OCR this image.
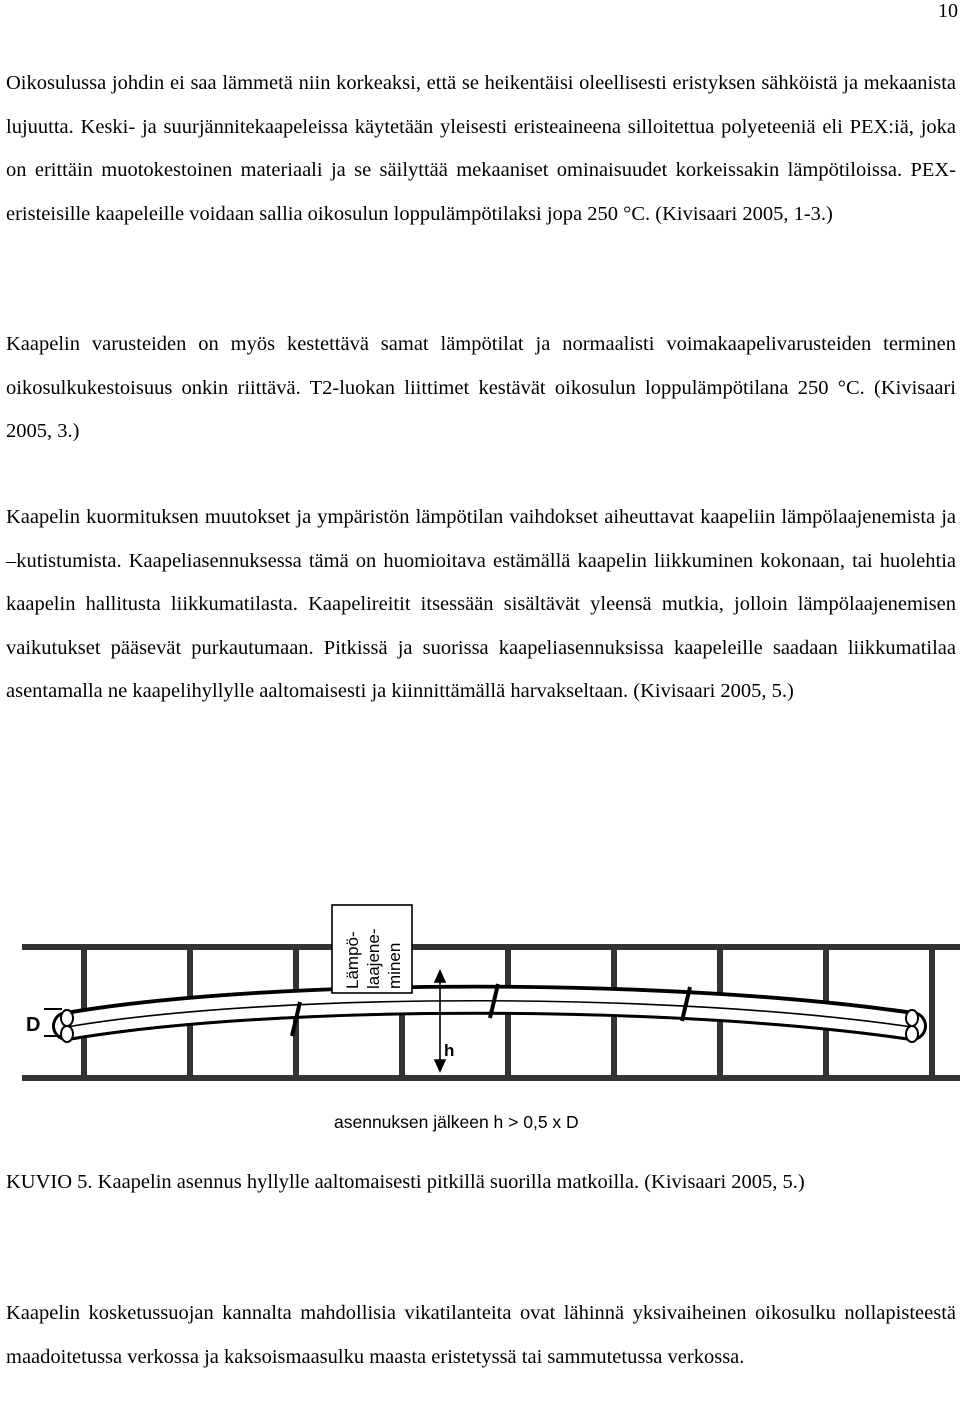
10

Oikosulussa johdin ei saa lämmetä niin korkeaksi, että se heikentäisi oleellisesti eristyksen sähköistä ja mekaanista lujuutta. Keski- ja suurjännitekaapeleissa käytetään yleisesti eristeaineena silloitettua polyeteeniä eli PEX:iä, joka on erittäin muotokestoinen materiaali ja se säilyttää mekaaniset ominaisuudet korkeissakin lämpötiloissa. PEX-eristeisille kaapeleille voidaan sallia oikosulun loppulämpötilaksi jopa 250 °C. (Kivisaari 2005, 1-3.)

Kaapelin varusteiden on myös kestettävä samat lämpötilat ja normaalisti voimakaapelivarusteiden terminen oikosulkukestoisuus onkin riittävä. T2-luokan liittimet kestävät oikosulun loppulämpötilana 250 °C. (Kivisaari 2005, 3.)

Kaapelin kuormituksen muutokset ja ympäristön lämpötilan vaihdokset aiheuttavat kaapeliin lämpölaajenemista ja –kutistumista. Kaapeliasennuksessa tämä on huomioitava estämällä kaapelin liikkuminen kokonaan, tai huolehtia kaapelin hallitusta liikkumatilasta. Kaapelireitit itsessään sisältävät yleensä mutkia, jolloin lämpölaajenemisen vaikutukset pääsevät purkautumaan. Pitkissä ja suorissa kaapeliasennuksissa kaapeleille saadaan liikkumatilaa asentamalla ne kaapelihyllylle aaltomaisesti ja kiinnittämällä harvakseltaan. (Kivisaari 2005, 5.)

D
Lämpö- laajene- minen
h
asennuksen jälkeen h > 0,5 x D

KUVIO 5. Kaapelin asennus hyllylle aaltomaisesti pitkillä suorilla matkoilla. (Kivisaari 2005, 5.)

Kaapelin kosketussuojan kannalta mahdollisia vikatilanteita ovat lähinnä yksivaiheinen oikosulku nollapisteestä maadoitetussa verkossa ja kaksoismaasulku maasta eristetyssä tai sammutetussa verkossa.
